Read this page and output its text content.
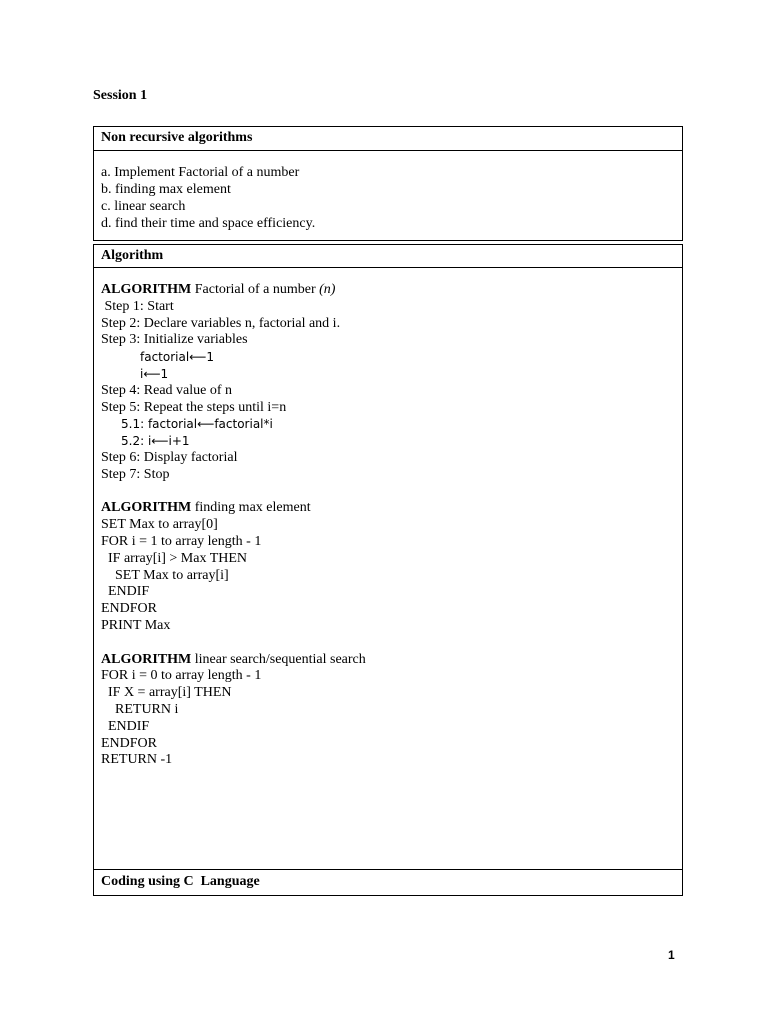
Session 1
Non recursive algorithms
a. Implement Factorial of a number
b. finding max element
c. linear search
d. find their time and space efficiency.
Algorithm
ALGORITHM Factorial of a number (n)
Step 1: Start
Step 2: Declare variables n, factorial and i.
Step 3: Initialize variables
factorial⟵1
i⟵1
Step 4: Read value of n
Step 5: Repeat the steps until i=n
5.1: factorial⟵factorial*i
5.2: i⟵i+1
Step 6: Display factorial
Step 7: Stop
ALGORITHM finding max element
SET Max to array[0]
FOR i = 1 to array length - 1
IF array[i] > Max THEN
SET Max to array[i]
ENDIF
ENDFOR
PRINT Max
ALGORITHM linear search/sequential search
FOR i = 0 to array length - 1
IF X = array[i] THEN
RETURN i
ENDIF
ENDFOR
RETURN -1
Coding using C  Language
1
